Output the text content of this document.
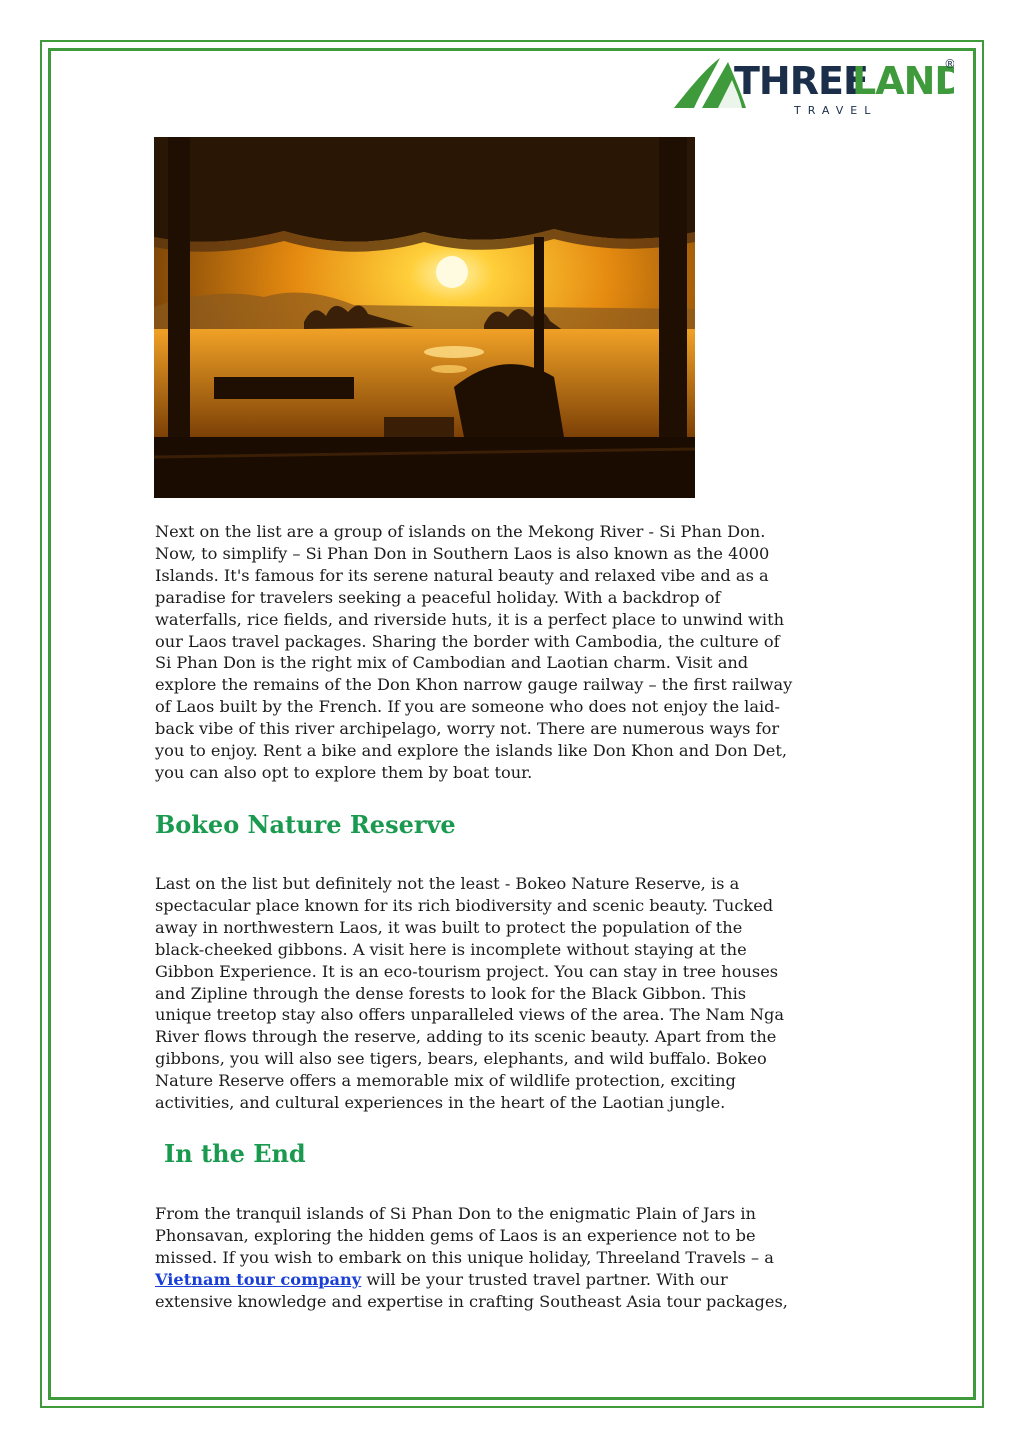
THREE
LAND
®
TRAVEL

Next on the list are a group of islands on the Mekong River - Si Phan Don.
Now, to simplify – Si Phan Don in Southern Laos is also known as the 4000
Islands. It's famous for its serene natural beauty and relaxed vibe and as a
paradise for travelers seeking a peaceful holiday. With a backdrop of
waterfalls, rice fields, and riverside huts, it is a perfect place to unwind with
our Laos travel packages. Sharing the border with Cambodia, the culture of
Si Phan Don is the right mix of Cambodian and Laotian charm. Visit and
explore the remains of the Don Khon narrow gauge railway – the first railway
of Laos built by the French. If you are someone who does not enjoy the laid-
back vibe of this river archipelago, worry not. There are numerous ways for
you to enjoy. Rent a bike and explore the islands like Don Khon and Don Det,
you can also opt to explore them by boat tour.

Bokeo Nature Reserve

Last on the list but definitely not the least - Bokeo Nature Reserve, is a
spectacular place known for its rich biodiversity and scenic beauty. Tucked
away in northwestern Laos, it was built to protect the population of the
black-cheeked gibbons. A visit here is incomplete without staying at the
Gibbon Experience. It is an eco-tourism project. You can stay in tree houses
and Zipline through the dense forests to look for the Black Gibbon. This
unique treetop stay also offers unparalleled views of the area. The Nam Nga
River flows through the reserve, adding to its scenic beauty. Apart from the
gibbons, you will also see tigers, bears, elephants, and wild buffalo. Bokeo
Nature Reserve offers a memorable mix of wildlife protection, exciting
activities, and cultural experiences in the heart of the Laotian jungle.

In the End

From the tranquil islands of Si Phan Don to the enigmatic Plain of Jars in
Phonsavan, exploring the hidden gems of Laos is an experience not to be
missed. If you wish to embark on this unique holiday, Threeland Travels – a
Vietnam tour company will be your trusted travel partner. With our
extensive knowledge and expertise in crafting Southeast Asia tour packages,
